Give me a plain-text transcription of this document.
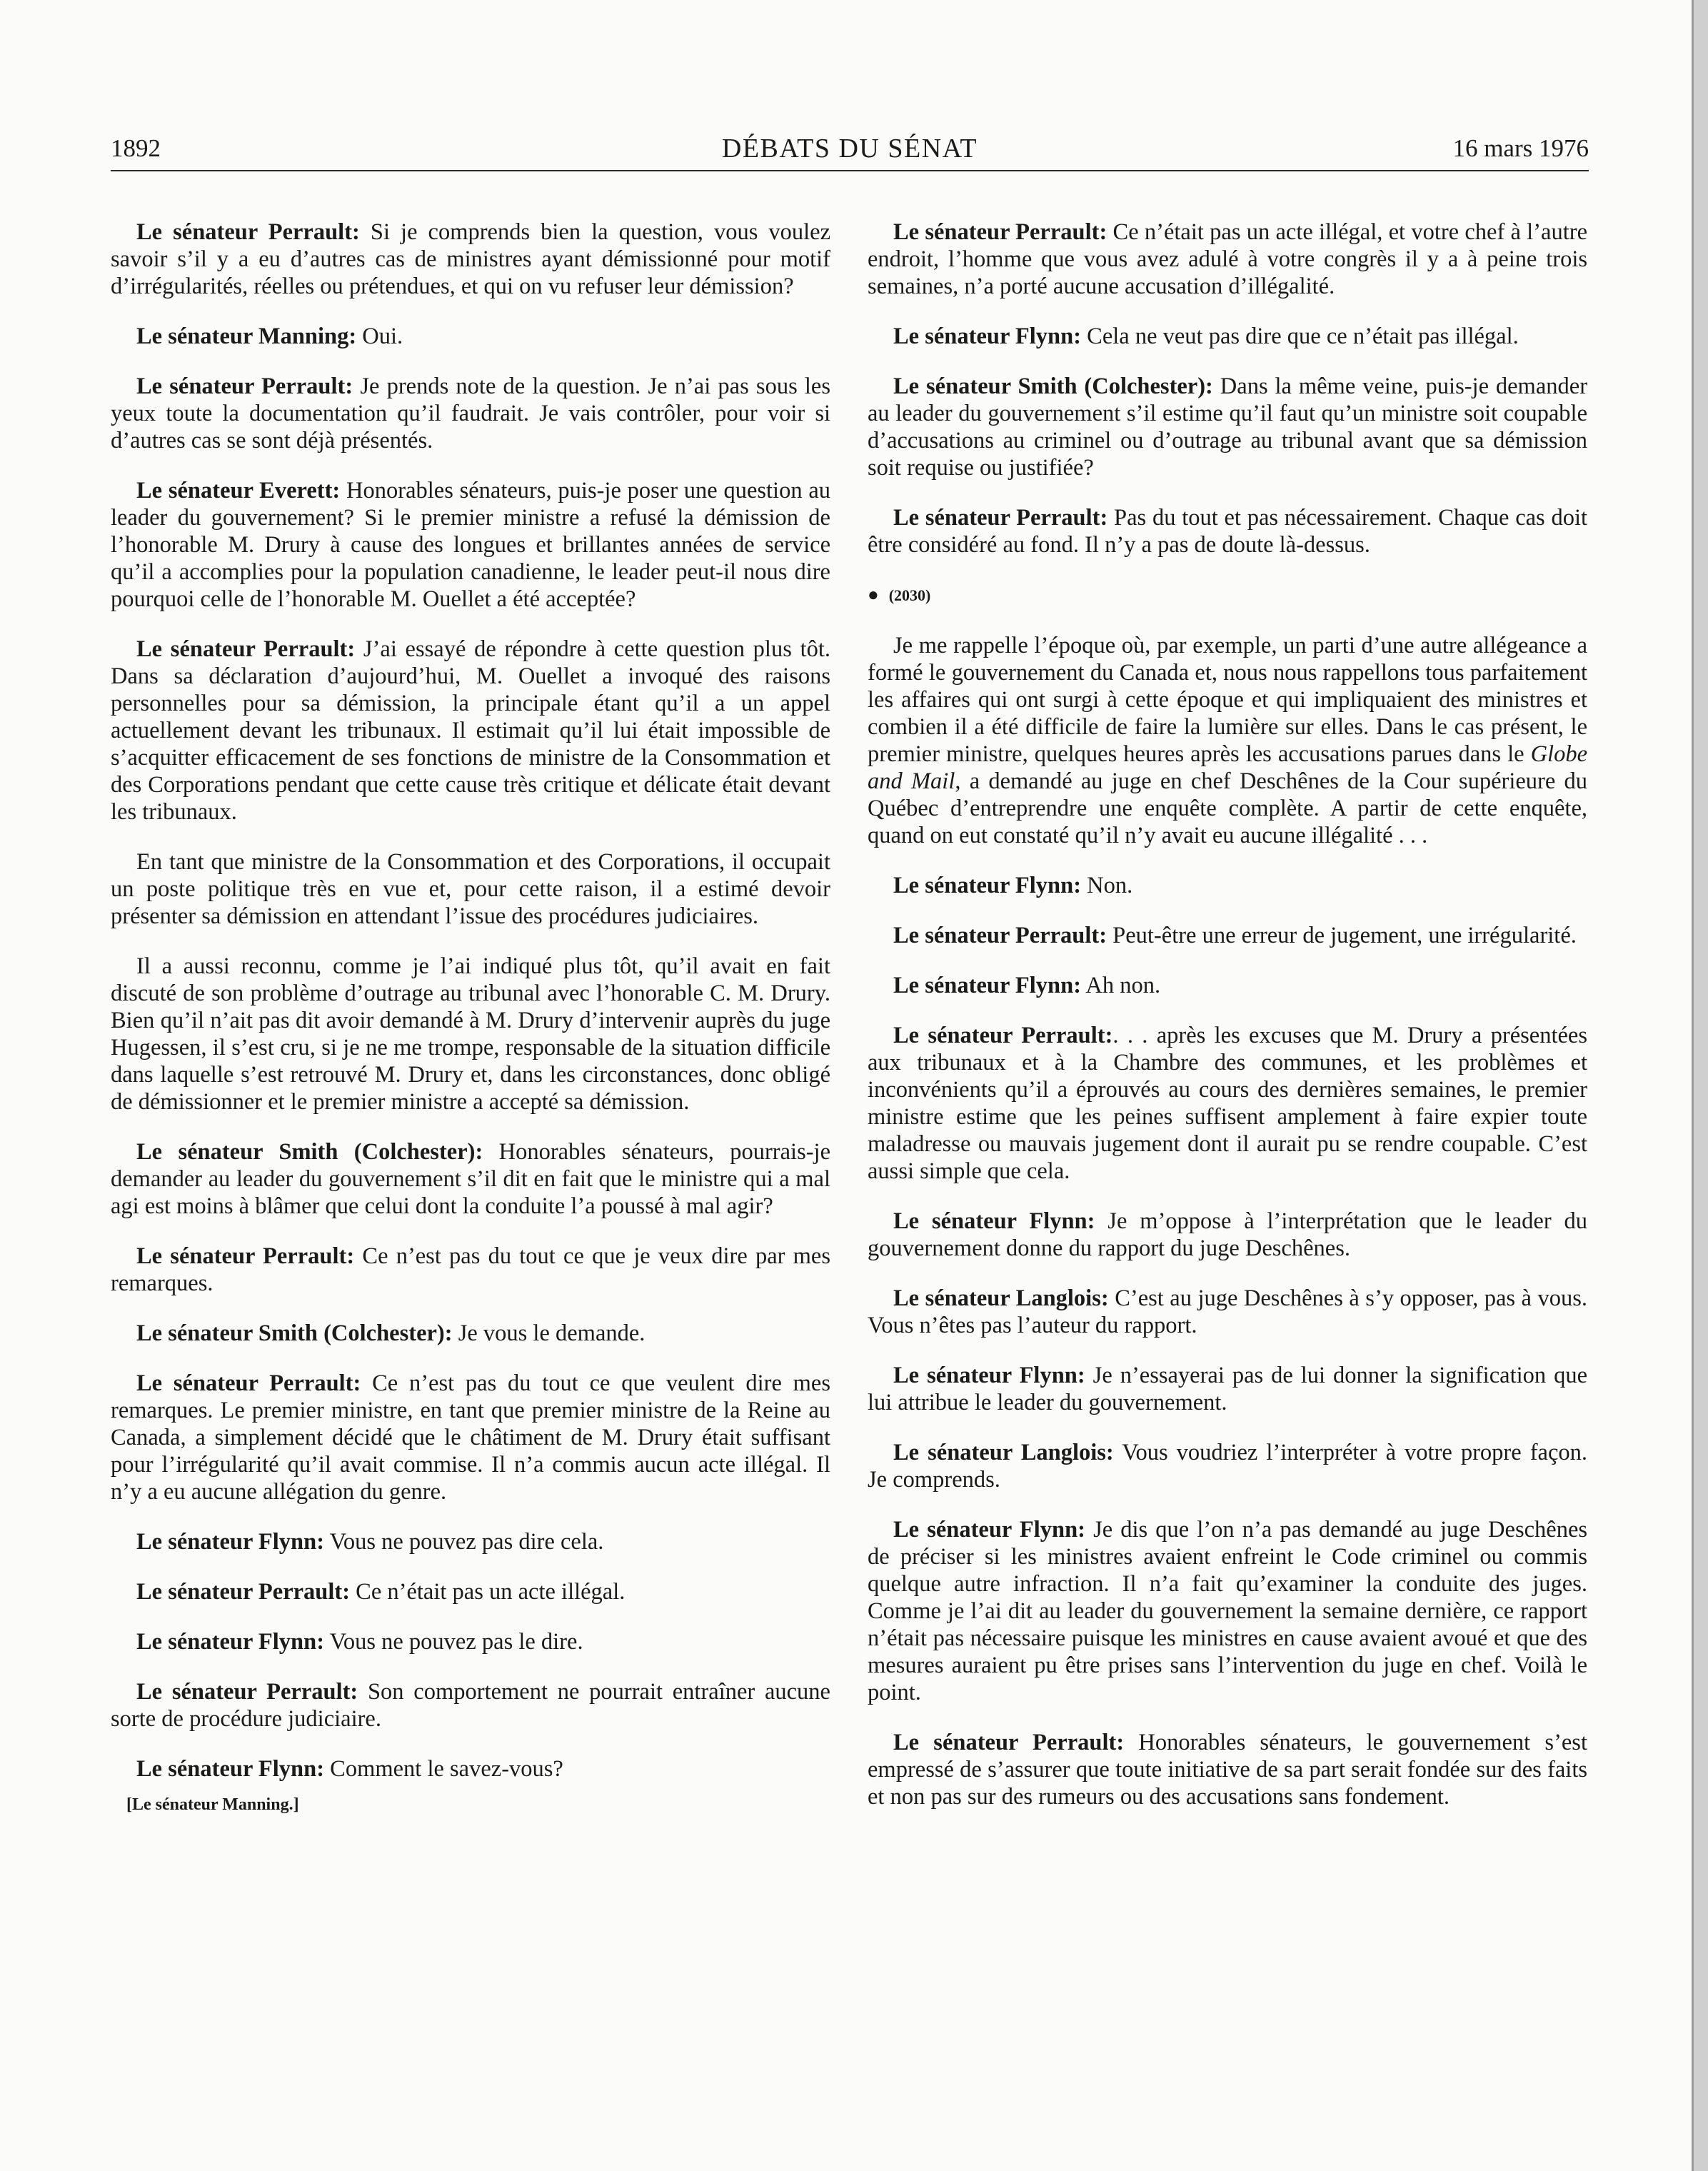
1892	DÉBATS DU SÉNAT	16 mars 1976

Le sénateur Perrault: Si je comprends bien la question, vous voulez savoir s’il y a eu d’autres cas de ministres ayant démissionné pour motif d’irrégularités, réelles ou prétendues, et qui on vu refuser leur démission?

Le sénateur Manning: Oui.

Le sénateur Perrault: Je prends note de la question. Je n’ai pas sous les yeux toute la documentation qu’il faudrait. Je vais contrôler, pour voir si d’autres cas se sont déjà présentés.

Le sénateur Everett: Honorables sénateurs, puis-je poser une question au leader du gouvernement? Si le premier ministre a refusé la démission de l’honorable M. Drury à cause des longues et brillantes années de service qu’il a accomplies pour la population canadienne, le leader peut-il nous dire pourquoi celle de l’honorable M. Ouellet a été acceptée?

Le sénateur Perrault: J’ai essayé de répondre à cette question plus tôt. Dans sa déclaration d’aujourd’hui, M. Ouellet a invoqué des raisons personnelles pour sa démission, la principale étant qu’il a un appel actuellement devant les tribunaux. Il estimait qu’il lui était impossible de s’acquitter efficacement de ses fonctions de ministre de la Consommation et des Corporations pendant que cette cause très critique et délicate était devant les tribunaux.

En tant que ministre de la Consommation et des Corporations, il occupait un poste politique très en vue et, pour cette raison, il a estimé devoir présenter sa démission en attendant l’issue des procédures judiciaires.

Il a aussi reconnu, comme je l’ai indiqué plus tôt, qu’il avait en fait discuté de son problème d’outrage au tribunal avec l’honorable C. M. Drury. Bien qu’il n’ait pas dit avoir demandé à M. Drury d’intervenir auprès du juge Hugessen, il s’est cru, si je ne me trompe, responsable de la situation difficile dans laquelle s’est retrouvé M. Drury et, dans les circonstances, donc obligé de démissionner et le premier ministre a accepté sa démission.

Le sénateur Smith (Colchester): Honorables sénateurs, pourrais-je demander au leader du gouvernement s’il dit en fait que le ministre qui a mal agi est moins à blâmer que celui dont la conduite l’a poussé à mal agir?

Le sénateur Perrault: Ce n’est pas du tout ce que je veux dire par mes remarques.

Le sénateur Smith (Colchester): Je vous le demande.

Le sénateur Perrault: Ce n’est pas du tout ce que veulent dire mes remarques. Le premier ministre, en tant que premier ministre de la Reine au Canada, a simplement décidé que le châtiment de M. Drury était suffisant pour l’irrégularité qu’il avait commise. Il n’a commis aucun acte illégal. Il n’y a eu aucune allégation du genre.

Le sénateur Flynn: Vous ne pouvez pas dire cela.

Le sénateur Perrault: Ce n’était pas un acte illégal.

Le sénateur Flynn: Vous ne pouvez pas le dire.

Le sénateur Perrault: Son comportement ne pourrait entraîner aucune sorte de procédure judiciaire.

Le sénateur Flynn: Comment le savez-vous?

[Le sénateur Manning.]

Le sénateur Perrault: Ce n’était pas un acte illégal, et votre chef à l’autre endroit, l’homme que vous avez adulé à votre congrès il y a à peine trois semaines, n’a porté aucune accusation d’illégalité.

Le sénateur Flynn: Cela ne veut pas dire que ce n’était pas illégal.

Le sénateur Smith (Colchester): Dans la même veine, puis-je demander au leader du gouvernement s’il estime qu’il faut qu’un ministre soit coupable d’accusations au criminel ou d’outrage au tribunal avant que sa démission soit requise ou justifiée?

Le sénateur Perrault: Pas du tout et pas nécessairement. Chaque cas doit être considéré au fond. Il n’y a pas de doute là-dessus.

● (2030)

Je me rappelle l’époque où, par exemple, un parti d’une autre allégeance a formé le gouvernement du Canada et, nous nous rappellons tous parfaitement les affaires qui ont surgi à cette époque et qui impliquaient des ministres et combien il a été difficile de faire la lumière sur elles. Dans le cas présent, le premier ministre, quelques heures après les accusations parues dans le Globe and Mail, a demandé au juge en chef Deschênes de la Cour supérieure du Québec d’entreprendre une enquête complète. A partir de cette enquête, quand on eut constaté qu’il n’y avait eu aucune illégalité . . .

Le sénateur Flynn: Non.

Le sénateur Perrault: Peut-être une erreur de jugement, une irrégularité.

Le sénateur Flynn: Ah non.

Le sénateur Perrault:. . . après les excuses que M. Drury a présentées aux tribunaux et à la Chambre des communes, et les problèmes et inconvénients qu’il a éprouvés au cours des dernières semaines, le premier ministre estime que les peines suffisent amplement à faire expier toute maladresse ou mauvais jugement dont il aurait pu se rendre coupable. C’est aussi simple que cela.

Le sénateur Flynn: Je m’oppose à l’interprétation que le leader du gouvernement donne du rapport du juge Deschênes.

Le sénateur Langlois: C’est au juge Deschênes à s’y opposer, pas à vous. Vous n’êtes pas l’auteur du rapport.

Le sénateur Flynn: Je n’essayerai pas de lui donner la signification que lui attribue le leader du gouvernement.

Le sénateur Langlois: Vous voudriez l’interpréter à votre propre façon. Je comprends.

Le sénateur Flynn: Je dis que l’on n’a pas demandé au juge Deschênes de préciser si les ministres avaient enfreint le Code criminel ou commis quelque autre infraction. Il n’a fait qu’examiner la conduite des juges. Comme je l’ai dit au leader du gouvernement la semaine dernière, ce rapport n’était pas nécessaire puisque les ministres en cause avaient avoué et que des mesures auraient pu être prises sans l’intervention du juge en chef. Voilà le point.

Le sénateur Perrault: Honorables sénateurs, le gouvernement s’est empressé de s’assurer que toute initiative de sa part serait fondée sur des faits et non pas sur des rumeurs ou des accusations sans fondement.
